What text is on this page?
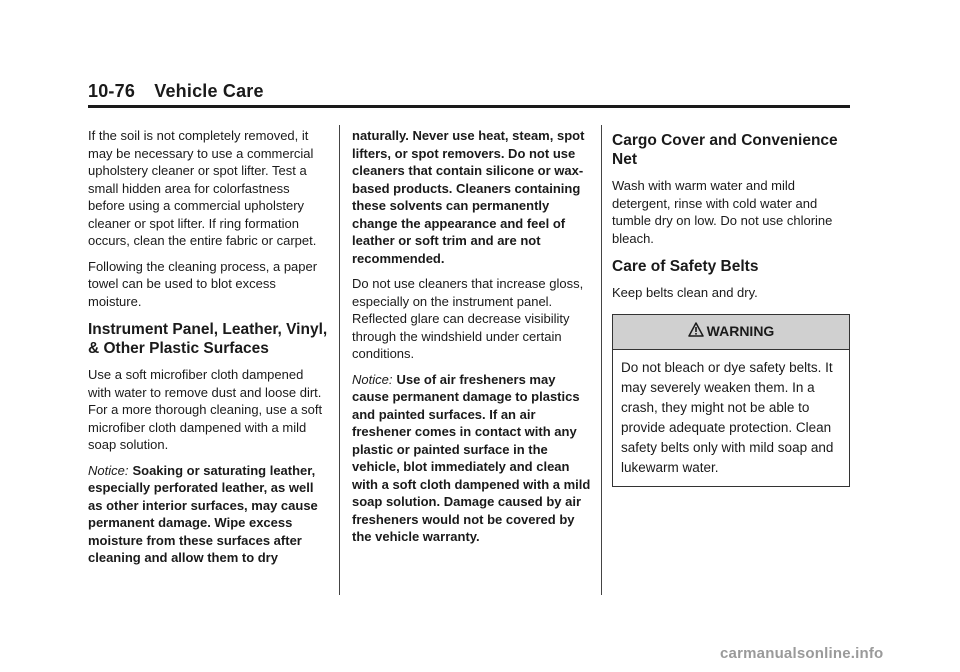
10-76 Vehicle Care

If the soil is not completely removed, it may be necessary to use a commercial upholstery cleaner or spot lifter. Test a small hidden area for colorfastness before using a commercial upholstery cleaner or spot lifter. If ring formation occurs, clean the entire fabric or carpet.

Following the cleaning process, a paper towel can be used to blot excess moisture.

Instrument Panel, Leather, Vinyl, & Other Plastic Surfaces

Use a soft microfiber cloth dampened with water to remove dust and loose dirt. For a more thorough cleaning, use a soft microfiber cloth dampened with a mild soap solution.

Notice: Soaking or saturating leather, especially perforated leather, as well as other interior surfaces, may cause permanent damage. Wipe excess moisture from these surfaces after cleaning and allow them to dry

naturally. Never use heat, steam, spot lifters, or spot removers. Do not use cleaners that contain silicone or wax-based products. Cleaners containing these solvents can permanently change the appearance and feel of leather or soft trim and are not recommended.

Do not use cleaners that increase gloss, especially on the instrument panel. Reflected glare can decrease visibility through the windshield under certain conditions.

Notice: Use of air fresheners may cause permanent damage to plastics and painted surfaces. If an air freshener comes in contact with any plastic or painted surface in the vehicle, blot immediately and clean with a soft cloth dampened with a mild soap solution. Damage caused by air fresheners would not be covered by the vehicle warranty.

Cargo Cover and Convenience Net

Wash with warm water and mild detergent, rinse with cold water and tumble dry on low. Do not use chlorine bleach.

Care of Safety Belts

Keep belts clean and dry.

WARNING
Do not bleach or dye safety belts. It may severely weaken them. In a crash, they might not be able to provide adequate protection. Clean safety belts only with mild soap and lukewarm water.
carmanualsonline.info
